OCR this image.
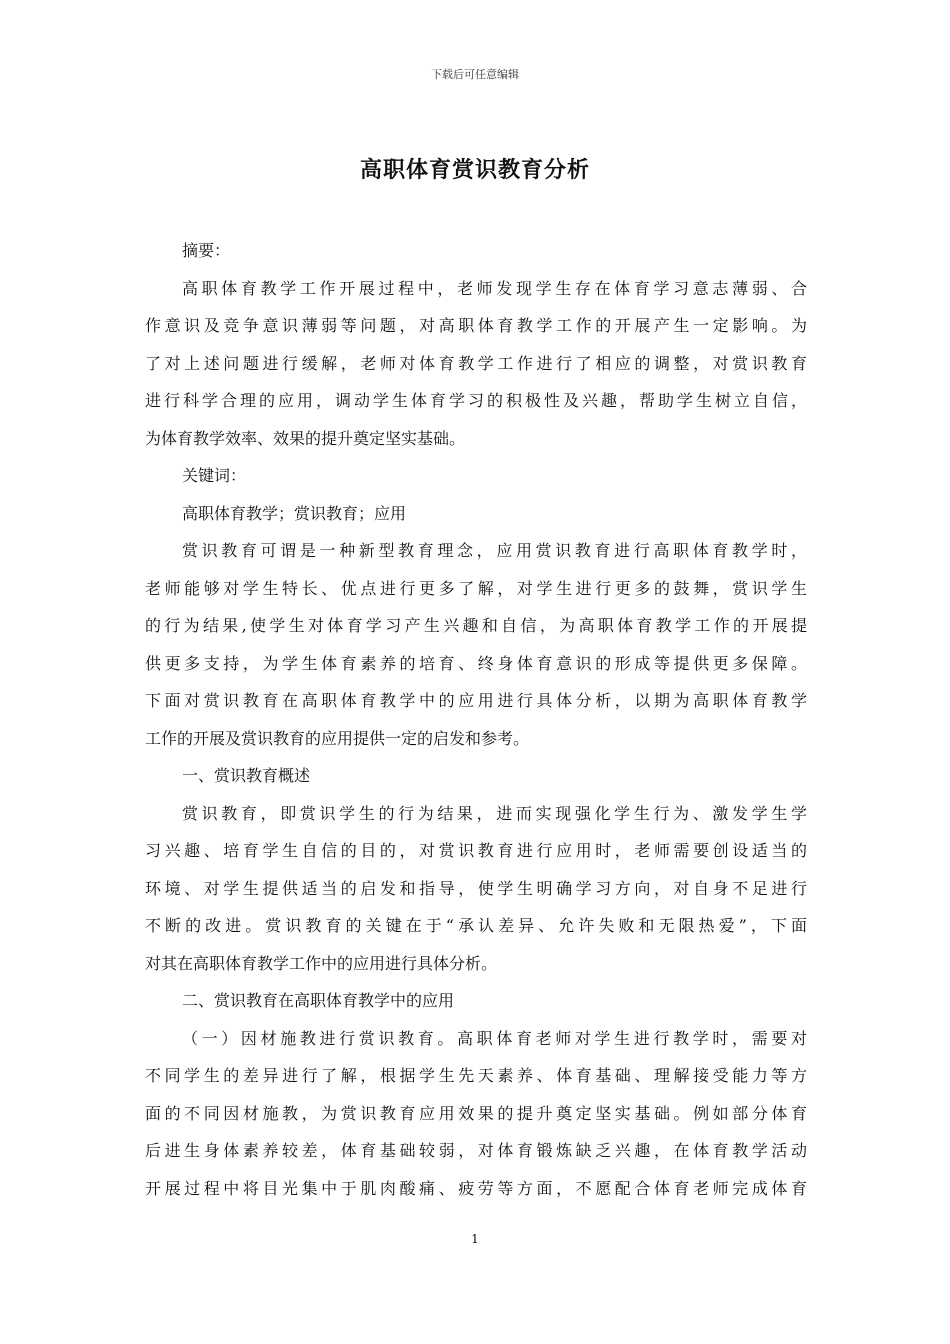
下载后可任意编辑
高职体育赏识教育分析
摘要：
高职体育教学工作开展过程中，老师发现学生存在体育学习意志薄弱、合
作意识及竞争意识薄弱等问题，对高职体育教学工作的开展产生一定影响。为
了对上述问题进行缓解，老师对体育教学工作进行了相应的调整，对赏识教育
进行科学合理的应用，调动学生体育学习的积极性及兴趣，帮助学生树立自信，
为体育教学效率、效果的提升奠定坚实基础。
关键词：
高职体育教学；赏识教育；应用
赏识教育可谓是一种新型教育理念，应用赏识教育进行高职体育教学时，
老师能够对学生特长、优点进行更多了解，对学生进行更多的鼓舞，赏识学生
的行为结果,使学生对体育学习产生兴趣和自信，为高职体育教学工作的开展提
供更多支持，为学生体育素养的培育、终身体育意识的形成等提供更多保障。
下面对赏识教育在高职体育教学中的应用进行具体分析，以期为高职体育教学
工作的开展及赏识教育的应用提供一定的启发和参考。
一、赏识教育概述
赏识教育，即赏识学生的行为结果，进而实现强化学生行为、激发学生学
习兴趣、培育学生自信的目的，对赏识教育进行应用时，老师需要创设适当的
环境、对学生提供适当的启发和指导，使学生明确学习方向，对自身不足进行
不断的改进。赏识教育的关键在于“承认差异、允许失败和无限热爱”，下面
对其在高职体育教学工作中的应用进行具体分析。
二、赏识教育在高职体育教学中的应用
（一）因材施教进行赏识教育。高职体育老师对学生进行教学时，需要对
不同学生的差异进行了解，根据学生先天素养、体育基础、理解接受能力等方
面的不同因材施教，为赏识教育应用效果的提升奠定坚实基础。例如部分体育
后进生身体素养较差，体育基础较弱，对体育锻炼缺乏兴趣，在体育教学活动
开展过程中将目光集中于肌肉酸痛、疲劳等方面，不愿配合体育老师完成体育
1
